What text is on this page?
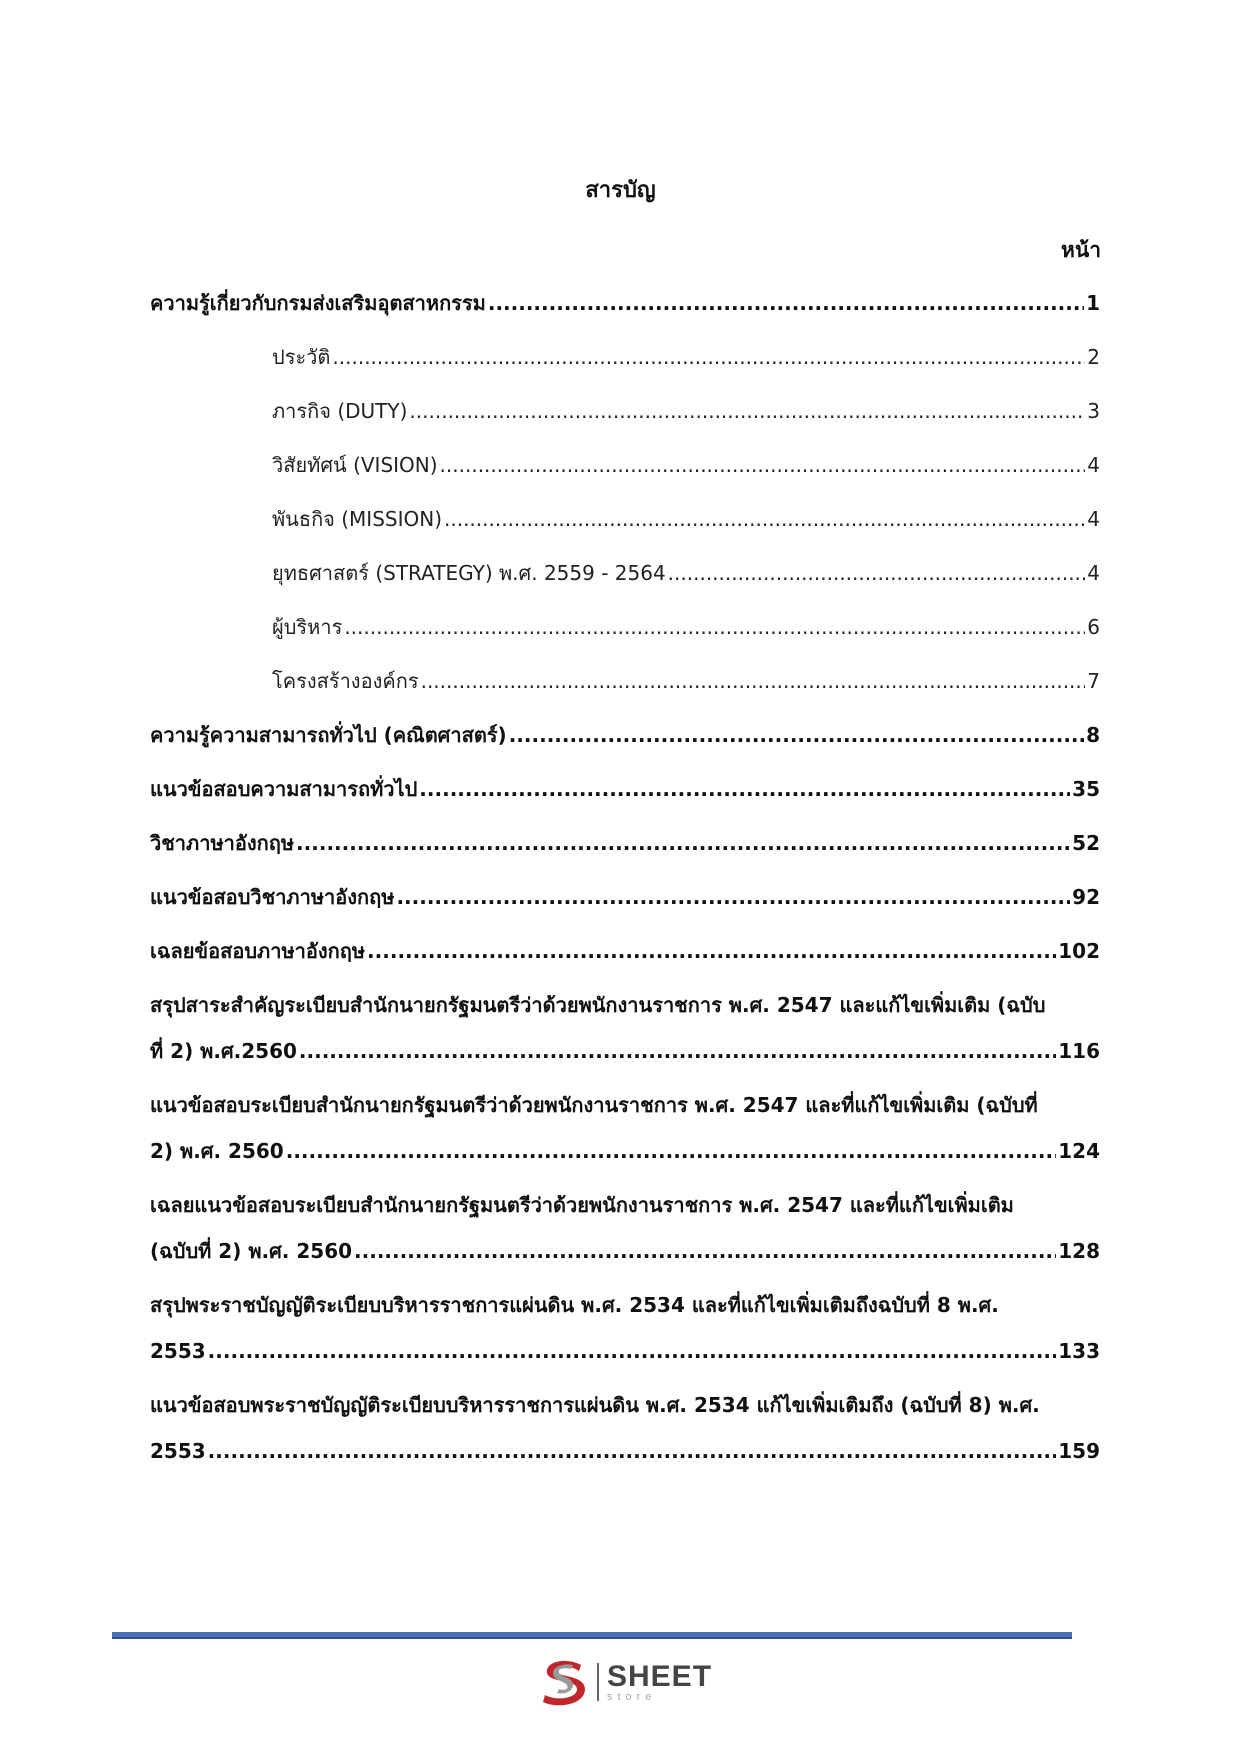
สารบัญ
หน้า
ความรู้เกี่ยวกับกรมส่งเสริมอุตสาหกรรม .....	1
ประวัติ .....	2
ภารกิจ (DUTY) .....	3
วิสัยทัศน์ (VISION) .....	4
พันธกิจ (MISSION) .....	4
ยุทธศาสตร์ (STRATEGY) พ.ศ. 2559 - 2564 .....	4
ผู้บริหาร .....	6
โครงสร้างองค์กร .....	7
ความรู้ความสามารถทั่วไป (คณิตศาสตร์) .....	8
แนวข้อสอบความสามารถทั่วไป .....	35
วิชาภาษาอังกฤษ .....	52
แนวข้อสอบวิชาภาษาอังกฤษ .....	92
เฉลยข้อสอบภาษาอังกฤษ .....	102
สรุปสาระสำคัญระเบียบสำนักนายกรัฐมนตรีว่าด้วยพนักงานราชการ พ.ศ. 2547 และแก้ไขเพิ่มเติม (ฉบับ
ที่ 2) พ.ศ.2560 .....	116
แนวข้อสอบระเบียบสำนักนายกรัฐมนตรีว่าด้วยพนักงานราชการ พ.ศ. 2547 และที่แก้ไขเพิ่มเติม (ฉบับที่
2) พ.ศ. 2560 .....	124
เฉลยแนวข้อสอบระเบียบสำนักนายกรัฐมนตรีว่าด้วยพนักงานราชการ พ.ศ. 2547 และที่แก้ไขเพิ่มเติม
(ฉบับที่ 2) พ.ศ. 2560 .....	128
สรุปพระราชบัญญัติระเบียบบริหารราชการแผ่นดิน พ.ศ. 2534 และที่แก้ไขเพิ่มเติมถึงฉบับที่ 8 พ.ศ.
2553 .....	133
แนวข้อสอบพระราชบัญญัติระเบียบบริหารราชการแผ่นดิน พ.ศ. 2534 แก้ไขเพิ่มเติมถึง (ฉบับที่ 8) พ.ศ.
2553 .....	159
SHEET
store
